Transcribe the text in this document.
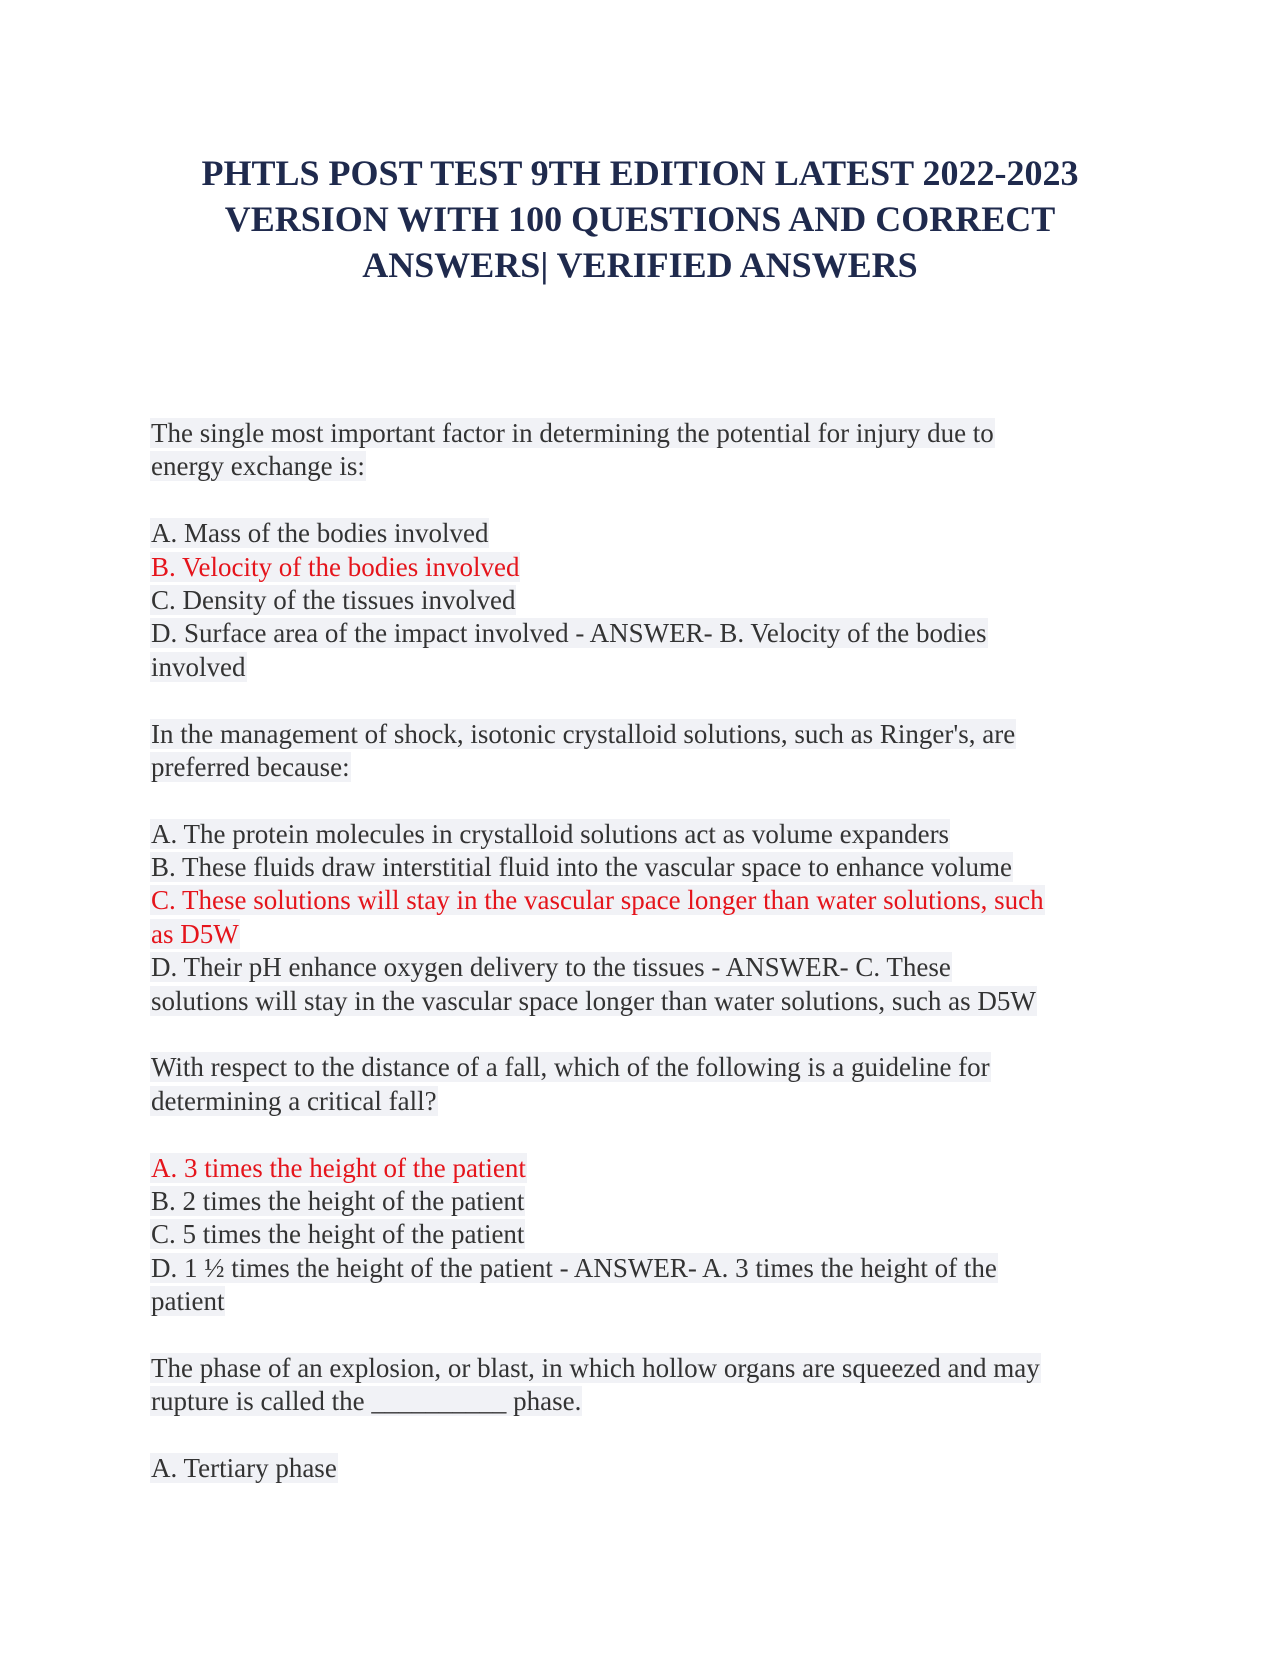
PHTLS POST TEST 9TH EDITION LATEST 2022-2023
VERSION WITH 100 QUESTIONS AND CORRECT
ANSWERS| VERIFIED ANSWERS
The single most important factor in determining the potential for injury due to
energy exchange is:
A. Mass of the bodies involved
B. Velocity of the bodies involved
C. Density of the tissues involved
D. Surface area of the impact involved - ANSWER- B. Velocity of the bodies
involved
In the management of shock, isotonic crystalloid solutions, such as Ringer's, are
preferred because:
A. The protein molecules in crystalloid solutions act as volume expanders
B. These fluids draw interstitial fluid into the vascular space to enhance volume
C. These solutions will stay in the vascular space longer than water solutions, such
as D5W
D. Their pH enhance oxygen delivery to the tissues - ANSWER- C. These
solutions will stay in the vascular space longer than water solutions, such as D5W
With respect to the distance of a fall, which of the following is a guideline for
determining a critical fall?
A. 3 times the height of the patient
B. 2 times the height of the patient
C. 5 times the height of the patient
D. 1 ½ times the height of the patient - ANSWER- A. 3 times the height of the
patient
The phase of an explosion, or blast, in which hollow organs are squeezed and may
rupture is called the __________ phase.
A. Tertiary phase
